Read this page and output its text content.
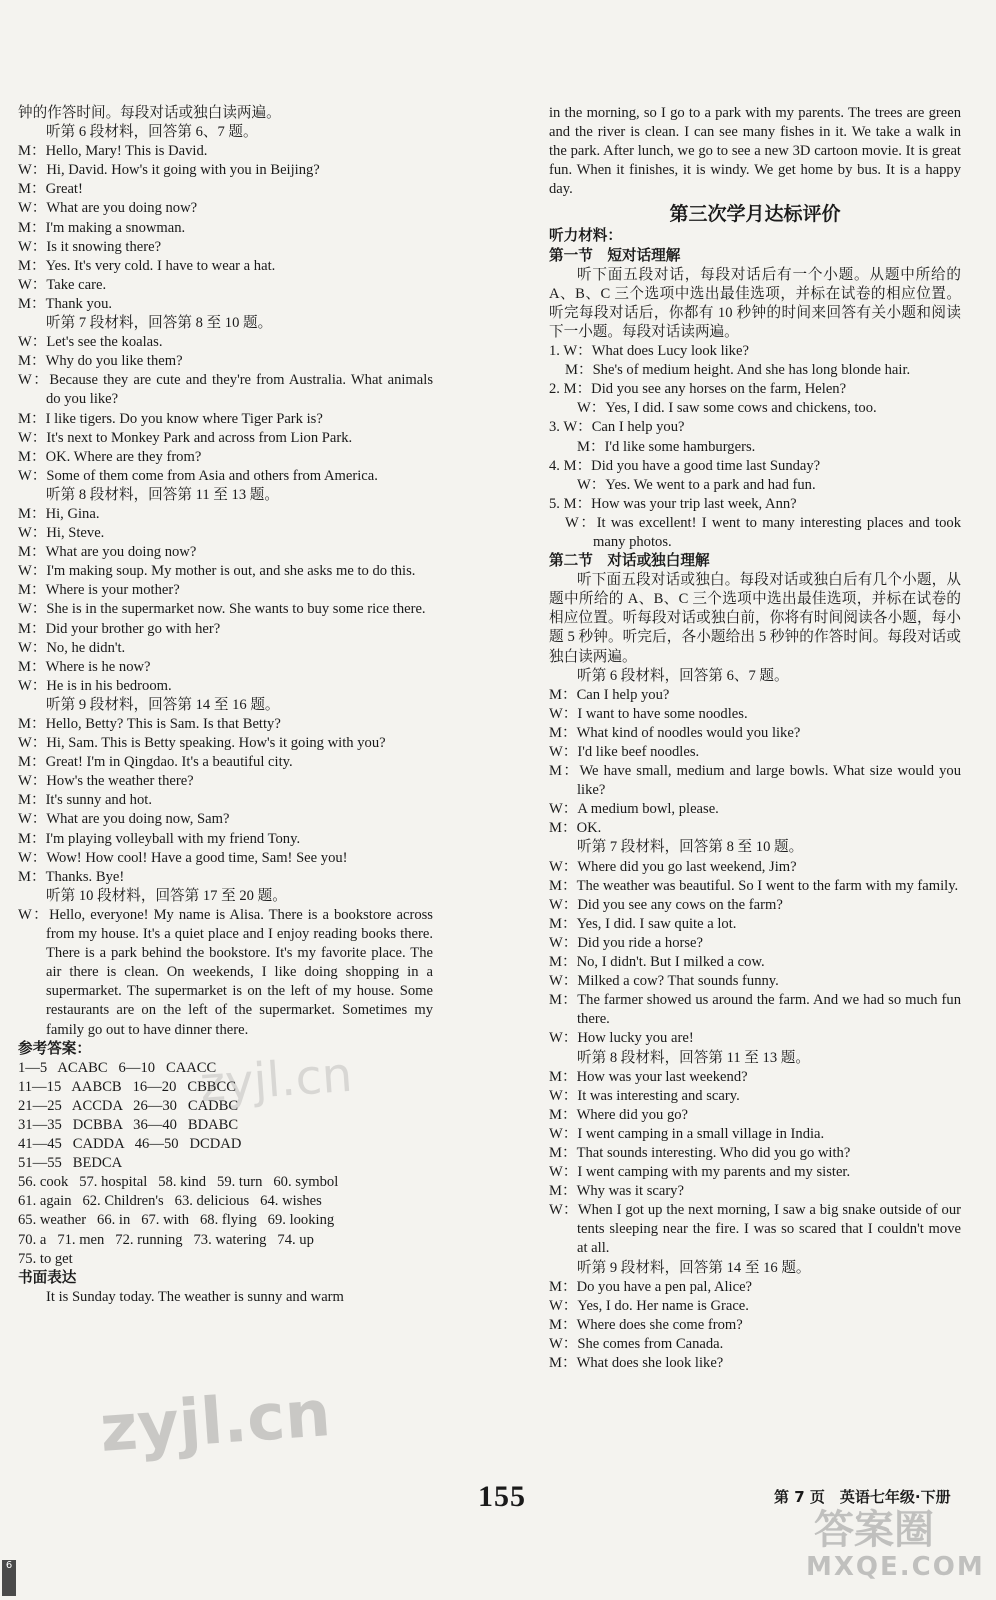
钟的作答时间。每段对话或独白读两遍。
听第 6 段材料，回答第 6、7 题。
M：Hello, Mary! This is David.
W：Hi, David. How's it going with you in Beijing?
M：Great!
W：What are you doing now?
M：I'm making a snowman.
W：Is it snowing there?
M：Yes. It's very cold. I have to wear a hat.
W：Take care.
M：Thank you.
听第 7 段材料，回答第 8 至 10 题。
W：Let's see the koalas.
M：Why do you like them?
W：Because they are cute and they're from Australia. What animals do you like?
M：I like tigers. Do you know where Tiger Park is?
W：It's next to Monkey Park and across from Lion Park.
M：OK. Where are they from?
W：Some of them come from Asia and others from America.
听第 8 段材料，回答第 11 至 13 题。
M：Hi, Gina.
W：Hi, Steve.
M：What are you doing now?
W：I'm making soup. My mother is out, and she asks me to do this.
M：Where is your mother?
W：She is in the supermarket now. She wants to buy some rice there.
M：Did your brother go with her?
W：No, he didn't.
M：Where is he now?
W：He is in his bedroom.
听第 9 段材料，回答第 14 至 16 题。
M：Hello, Betty? This is Sam. Is that Betty?
W：Hi, Sam. This is Betty speaking. How's it going with you?
M：Great! I'm in Qingdao. It's a beautiful city.
W：How's the weather there?
M：It's sunny and hot.
W：What are you doing now, Sam?
M：I'm playing volleyball with my friend Tony.
W：Wow! How cool! Have a good time, Sam! See you!
M：Thanks. Bye!
听第 10 段材料，回答第 17 至 20 题。
W：Hello, everyone! My name is Alisa. There is a bookstore across from my house. It's a quiet place and I enjoy reading books there. There is a park behind the bookstore. It's my favorite place. The air there is clean. On weekends, I like doing shopping in a supermarket. The supermarket is on the left of my house. Some restaurants are on the left of the supermarket. Sometimes my family go out to have dinner there.
参考答案：
1—5   ACABC   6—10   CAACC
11—15   AABCB   16—20   CBBCC
21—25   ACCDA   26—30   CADBC
31—35   DCBBA   36—40   BDABC
41—45   CADDA   46—50   DCDAD
51—55   BEDCA
56. cook   57. hospital   58. kind   59. turn   60. symbol
61. again   62. Children's   63. delicious   64. wishes
65. weather   66. in   67. with   68. flying   69. looking
70. a   71. men   72. running   73. watering   74. up
75. to get
书面表达
It is Sunday today. The weather is sunny and warm
in the morning, so I go to a park with my parents. The trees are green and the river is clean. I can see many fishes in it. We take a walk in the park. After lunch, we go to see a new 3D cartoon movie. It is great fun. When it finishes, it is windy. We get home by bus. It is a happy day.
第三次学月达标评价
听力材料：
第一节　短对话理解
听下面五段对话，每段对话后有一个小题。从题中所给的 A、B、C 三个选项中选出最佳选项，并标在试卷的相应位置。听完每段对话后，你都有 10 秒钟的时间来回答有关小题和阅读下一小题。每段对话读两遍。
1. W：What does Lucy look like?
M：She's of medium height. And she has long blonde hair.
2. M：Did you see any horses on the farm, Helen?
W：Yes, I did. I saw some cows and chickens, too.
3. W：Can I help you?
M：I'd like some hamburgers.
4. M：Did you have a good time last Sunday?
W：Yes. We went to a park and had fun.
5. M：How was your trip last week, Ann?
W：It was excellent! I went to many interesting places and took many photos.
第二节　对话或独白理解
听下面五段对话或独白。每段对话或独白后有几个小题，从题中所给的 A、B、C 三个选项中选出最佳选项，并标在试卷的相应位置。听每段对话或独白前，你将有时间阅读各小题，每小题 5 秒钟。听完后，各小题给出 5 秒钟的作答时间。每段对话或独白读两遍。
听第 6 段材料，回答第 6、7 题。
M：Can I help you?
W：I want to have some noodles.
M：What kind of noodles would you like?
W：I'd like beef noodles.
M：We have small, medium and large bowls. What size would you like?
W：A medium bowl, please.
M：OK.
听第 7 段材料，回答第 8 至 10 题。
W：Where did you go last weekend, Jim?
M：The weather was beautiful. So I went to the farm with my family.
W：Did you see any cows on the farm?
M：Yes, I did. I saw quite a lot.
W：Did you ride a horse?
M：No, I didn't. But I milked a cow.
W：Milked a cow? That sounds funny.
M：The farmer showed us around the farm. And we had so much fun there.
W：How lucky you are!
听第 8 段材料，回答第 11 至 13 题。
M：How was your last weekend?
W：It was interesting and scary.
M：Where did you go?
W：I went camping in a small village in India.
M：That sounds interesting. Who did you go with?
W：I went camping with my parents and my sister.
M：Why was it scary?
W：When I got up the next morning, I saw a big snake outside of our tents sleeping near the fire. I was so scared that I couldn't move at all.
听第 9 段材料，回答第 14 至 16 题。
M：Do you have a pen pal, Alice?
W：Yes, I do. Her name is Grace.
M：Where does she come from?
W：She comes from Canada.
M：What does she look like?
zyjl.cn
zyjl.cn
155	第 7 页　英语七年级·下册
答案圈
MXQE.COM
6
